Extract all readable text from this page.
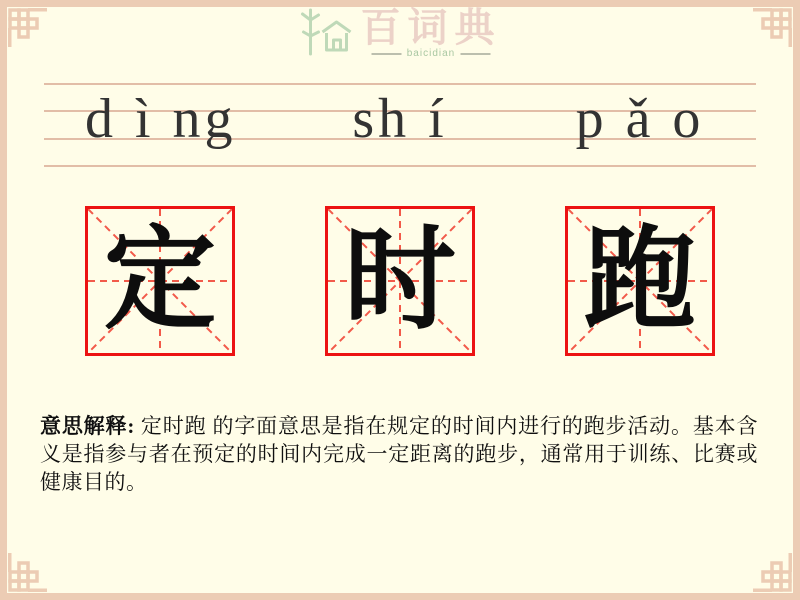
百词典
baicidian
d ì ng	sh í	p ǎ o
定 时 跑
意思解释: 定时跑 的字面意思是指在规定的时间内进行的跑步活动。基本含义是指参与者在预定的时间内完成一定距离的跑步，通常用于训练、比赛或健康目的。
